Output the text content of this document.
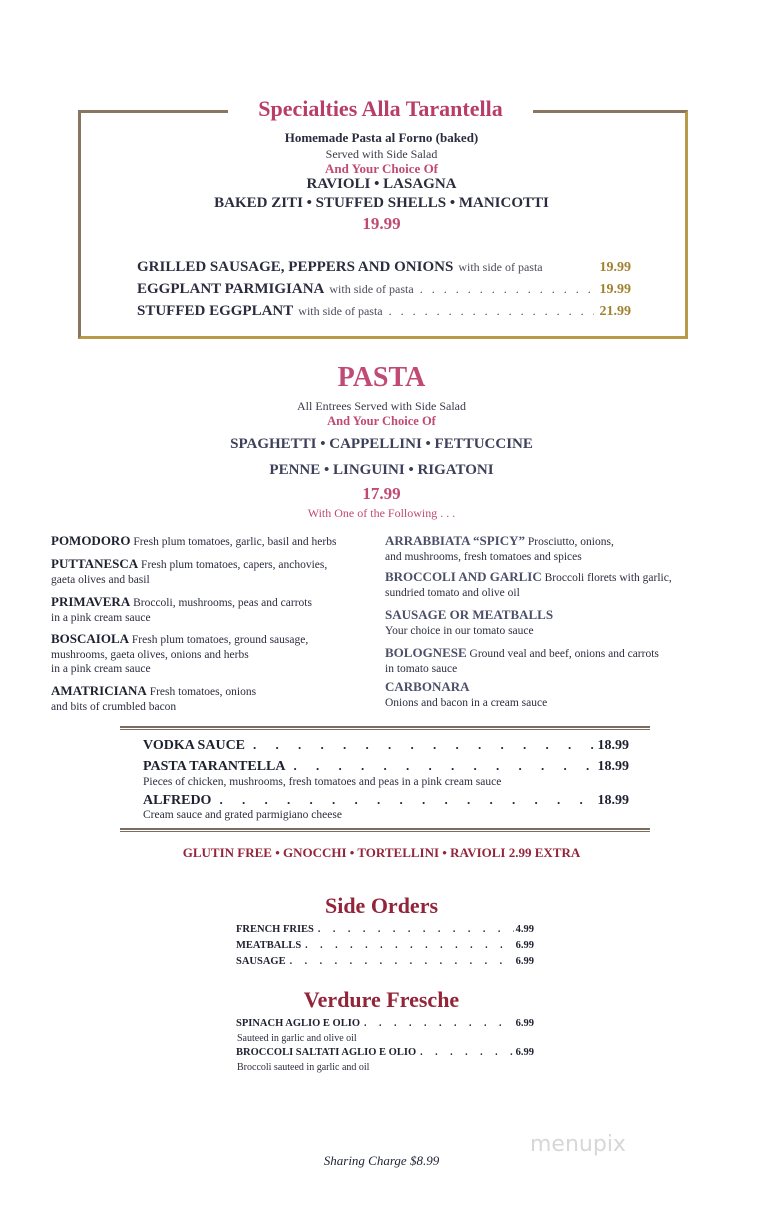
Specialties Alla Tarantella
Homemade Pasta al Forno (baked)
Served with Side Salad
And Your Choice Of
RAVIOLI • LASAGNA
BAKED ZITI • STUFFED SHELLS • MANICOTTI
19.99
GRILLED SAUSAGE, PEPPERS AND ONIONS with side of pasta	19.99
EGGPLANT PARMIGIANA with side of pasta . . .	19.99
STUFFED EGGPLANT with side of pasta . . .	21.99
PASTA
All Entrees Served with Side Salad
And Your Choice Of
SPAGHETTI • CAPPELLINI • FETTUCCINE
PENNE • LINGUINI • RIGATONI
17.99
With One of the Following . . .
POMODORO Fresh plum tomatoes, garlic, basil and herbs
PUTTANESCA Fresh plum tomatoes, capers, anchovies,
gaeta olives and basil
PRIMAVERA Broccoli, mushrooms, peas and carrots
in a pink cream sauce
BOSCAIOLA Fresh plum tomatoes, ground sausage,
mushrooms, gaeta olives, onions and herbs
in a pink cream sauce
AMATRICIANA Fresh tomatoes, onions
and bits of crumbled bacon
ARRABBIATA “SPICY” Prosciutto, onions,
and mushrooms, fresh tomatoes and spices
BROCCOLI AND GARLIC Broccoli florets with garlic,
sundried tomato and olive oil
SAUSAGE OR MEATBALLS
Your choice in our tomato sauce
BOLOGNESE Ground veal and beef, onions and carrots
in tomato sauce
CARBONARA
Onions and bacon in a cream sauce
VODKA SAUCE . . .	18.99
PASTA TARANTELLA . . .	18.99
Pieces of chicken, mushrooms, fresh tomatoes and peas in a pink cream sauce
ALFREDO . . .	18.99
Cream sauce and grated parmigiano cheese
GLUTIN FREE • GNOCCHI • TORTELLINI • RAVIOLI 2.99 EXTRA
Side Orders
FRENCH FRIES . . .	4.99
MEATBALLS . . .	6.99
SAUSAGE . . .	6.99
Verdure Fresche
SPINACH AGLIO E OLIO . . .	6.99
Sauteed in garlic and olive oil
BROCCOLI SALTATI AGLIO E OLIO . . .	6.99
Broccoli sauteed in garlic and oil
menupix
Sharing Charge $8.99
